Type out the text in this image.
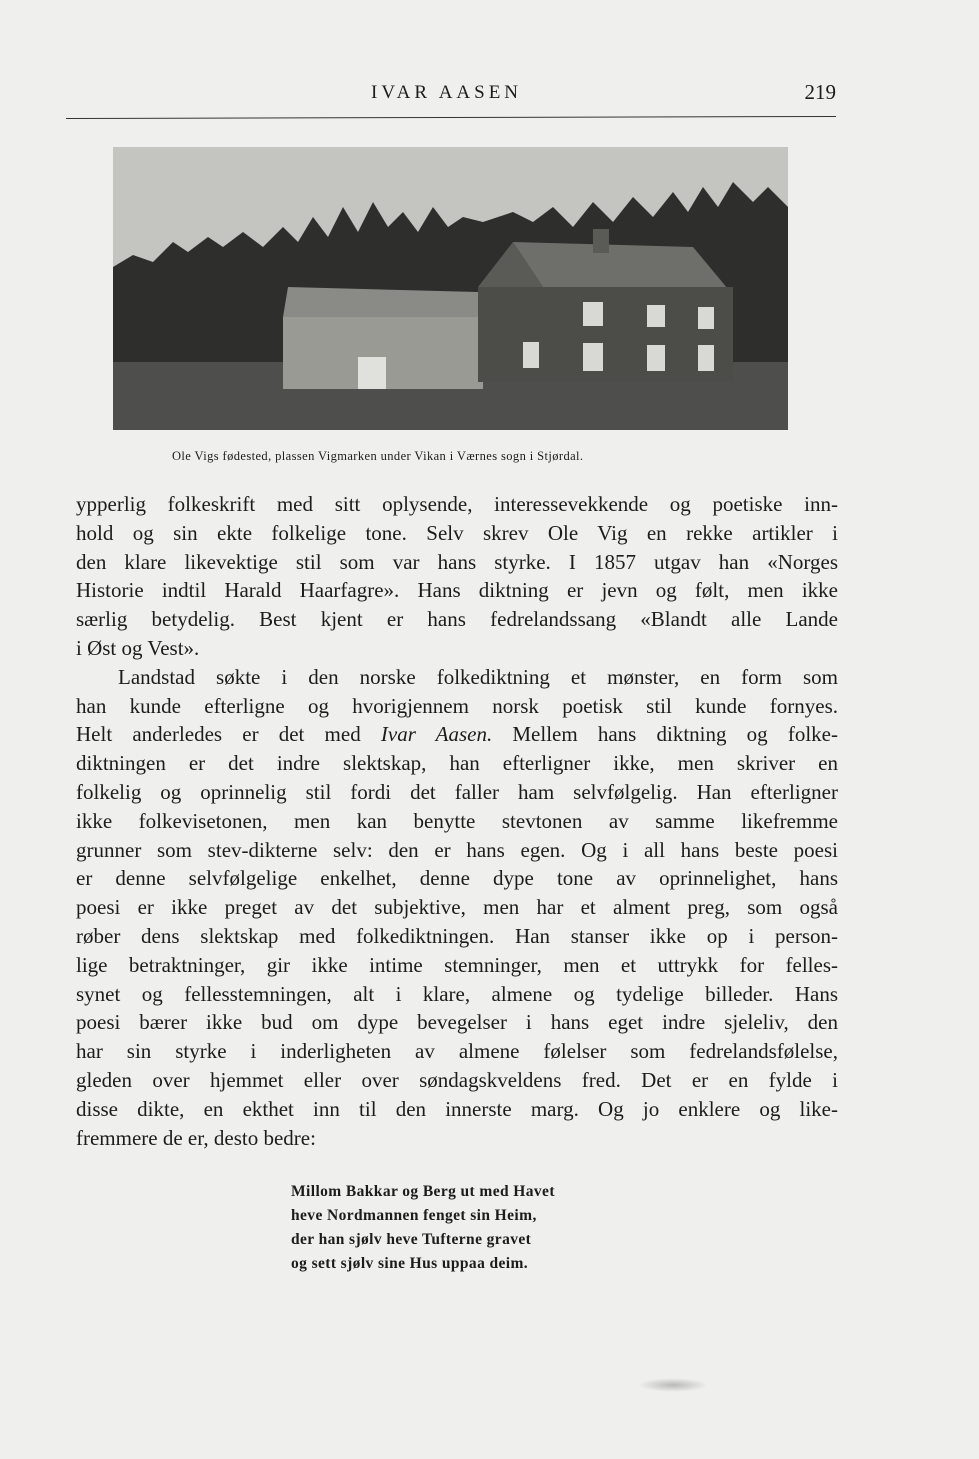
IVAR AASEN	219
Ole Vigs fødested, plassen Vigmarken under Vikan i Værnes sogn i Stjørdal.

ypperlig folkeskrift med sitt oplysende, interessevekkende og poetiske inn-
hold og sin ekte folkelige tone. Selv skrev Ole Vig en rekke artikler i
den klare likevektige stil som var hans styrke. I 1857 utgav han «Norges
Historie indtil Harald Haarfagre». Hans diktning er jevn og følt, men ikke
særlig betydelig. Best kjent er hans fedrelandssang «Blandt alle Lande
i Øst og Vest».

Landstad søkte i den norske folkediktning et mønster, en form som
han kunde efterligne og hvorigjennem norsk poetisk stil kunde fornyes.
Helt anderledes er det med Ivar Aasen. Mellem hans diktning og folke-
diktningen er det indre slektskap, han efterligner ikke, men skriver en
folkelig og oprinnelig stil fordi det faller ham selvfølgelig. Han efterligner
ikke folkevisetonen, men kan benytte stevtonen av samme likefremme
grunner som stev-dikterne selv: den er hans egen. Og i all hans beste poesi
er denne selvfølgelige enkelhet, denne dype tone av oprinnelighet, hans
poesi er ikke preget av det subjektive, men har et alment preg, som også
røber dens slektskap med folkediktningen. Han stanser ikke op i person-
lige betraktninger, gir ikke intime stemninger, men et uttrykk for felles-
synet og fellesstemningen, alt i klare, almene og tydelige billeder. Hans
poesi bærer ikke bud om dype bevegelser i hans eget indre sjeleliv, den
har sin styrke i inderligheten av almene følelser som fedrelandsfølelse,
gleden over hjemmet eller over søndagskveldens fred. Det er en fylde i
disse dikte, en ekthet inn til den innerste marg. Og jo enklere og like-
fremmere de er, desto bedre:

Millom Bakkar og Berg ut med Havet
heve Nordmannen fenget sin Heim,
der han sjølv heve Tufterne gravet
og sett sjølv sine Hus uppaa deim.
